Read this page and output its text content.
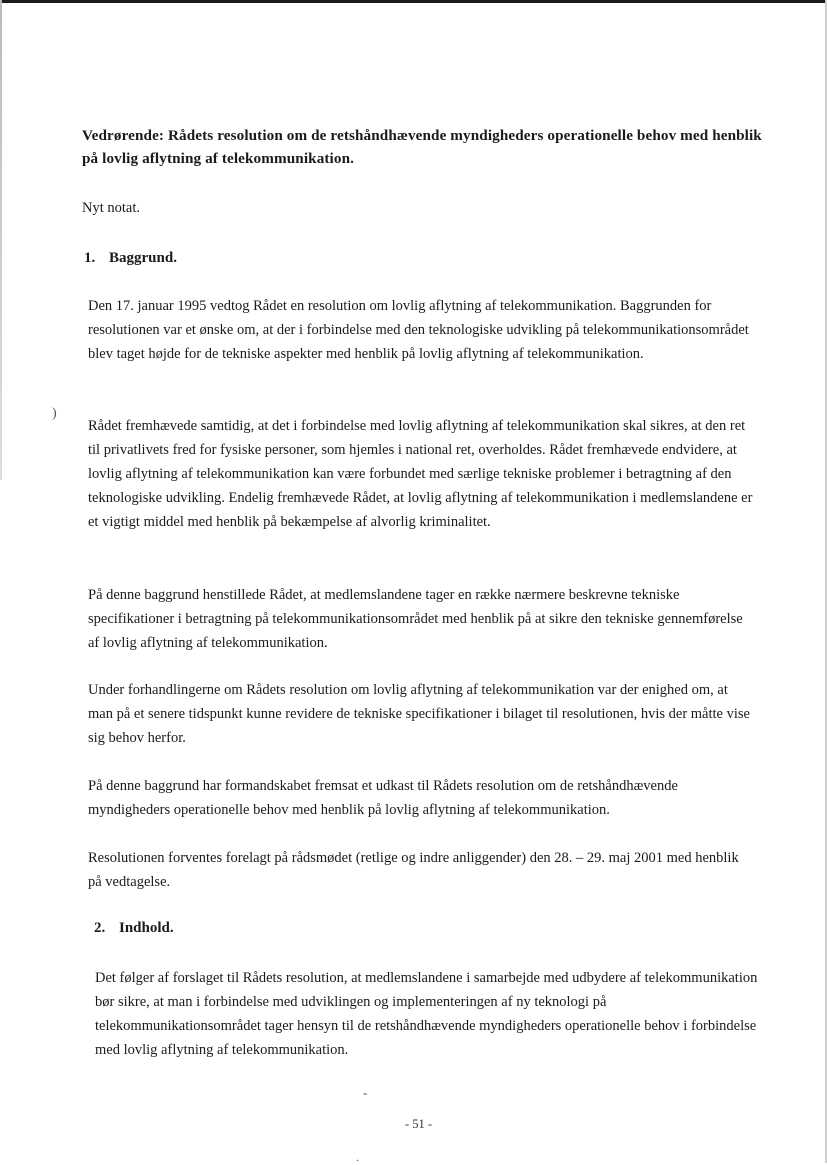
)
Vedrørende: Rådets resolution om de retshåndhævende myndigheders operationelle behov med henblik på lovlig aflytning af telekommunikation.
Nyt notat.
1. Baggrund.
Den 17. januar 1995 vedtog Rådet en resolution om lovlig aflytning af telekommunikation. Baggrunden for resolutionen var et ønske om, at der i forbindelse med den teknologiske udvikling på telekommunikationsområdet blev taget højde for de tekniske aspekter med henblik på lovlig aflytning af telekommunikation.
Rådet fremhævede samtidig, at det i forbindelse med lovlig aflytning af telekommunikation skal sikres, at den ret til privatlivets fred for fysiske personer, som hjemles i national ret, overholdes. Rådet fremhævede endvidere, at lovlig aflytning af telekommunikation kan være forbundet med særlige tekniske problemer i betragtning af den teknologiske udvikling. Endelig fremhævede Rådet, at lovlig aflytning af telekommunikation i medlemslandene er et vigtigt middel med henblik på bekæmpelse af alvorlig kriminalitet.
På denne baggrund henstillede Rådet, at medlemslandene tager en række nærmere beskrevne tekniske specifikationer i betragtning på telekommunikationsområdet med henblik på at sikre den tekniske gennemførelse af lovlig aflytning af telekommunikation.
Under forhandlingerne om Rådets resolution om lovlig aflytning af telekommunikation var der enighed om, at man på et senere tidspunkt kunne revidere de tekniske specifikationer i bilaget til resolutionen, hvis der måtte vise sig behov herfor.
På denne baggrund har formandskabet fremsat et udkast til Rådets resolution om de retshåndhævende myndigheders operationelle behov med henblik på lovlig aflytning af telekommunikation.
Resolutionen forventes forelagt på rådsmødet (retlige og indre anliggender) den 28. – 29. maj 2001 med henblik på vedtagelse.
2. Indhold.
Det følger af forslaget til Rådets resolution, at medlemslandene i samarbejde med udbydere af telekommunikation bør sikre, at man i forbindelse med udviklingen og implementeringen af ny teknologi på telekommunikationsområdet tager hensyn til de retshåndhævende myndigheders operationelle behov i forbindelse med lovlig aflytning af telekommunikation.
-
- 51 -
.
